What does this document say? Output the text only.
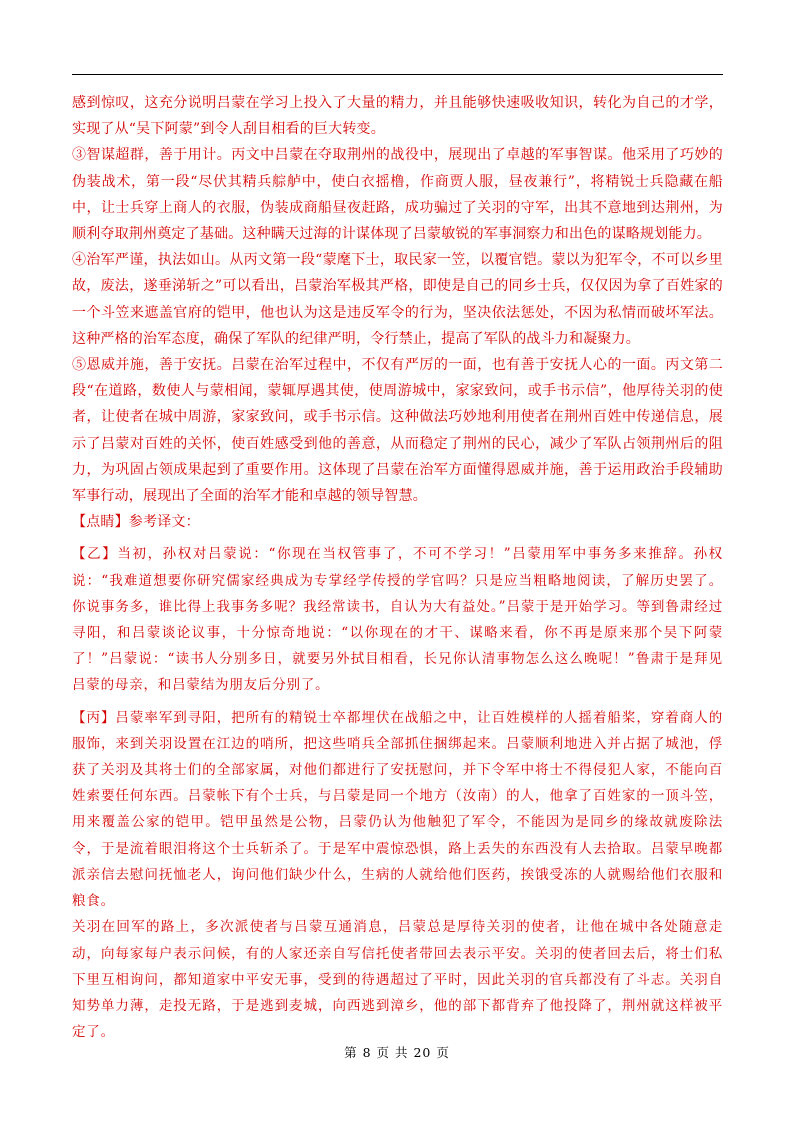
感到惊叹，这充分说明吕蒙在学习上投入了大量的精力，并且能够快速吸收知识，转化为自己的才学，实现了从“吴下阿蒙”到令人刮目相看的巨大转变。

③智谋超群，善于用计。丙文中吕蒙在夺取荆州的战役中，展现出了卓越的军事智谋。他采用了巧妙的伪装战术，第一段“尽伏其精兵䑸舻中，使白衣摇橹，作商贾人服，昼夜兼行”，将精锐士兵隐藏在船中，让士兵穿上商人的衣服，伪装成商船昼夜赶路，成功骗过了关羽的守军，出其不意地到达荆州，为顺利夺取荆州奠定了基础。这种瞒天过海的计谋体现了吕蒙敏锐的军事洞察力和出色的谋略规划能力。

④治军严谨，执法如山。从丙文第一段“蒙麾下士，取民家一笠，以覆官铠。蒙以为犯军令，不可以乡里故，废法，遂垂涕斩之”可以看出，吕蒙治军极其严格，即使是自己的同乡士兵，仅仅因为拿了百姓家的一个斗笠来遮盖官府的铠甲，他也认为这是违反军令的行为，坚决依法惩处，不因为私情而破坏军法。这种严格的治军态度，确保了军队的纪律严明，令行禁止，提高了军队的战斗力和凝聚力。

⑤恩威并施，善于安抚。吕蒙在治军过程中，不仅有严厉的一面，也有善于安抚人心的一面。丙文第二段“在道路，数使人与蒙相闻，蒙辄厚遇其使，使周游城中，家家致问，或手书示信”，他厚待关羽的使者，让使者在城中周游，家家致问，或手书示信。这种做法巧妙地利用使者在荆州百姓中传递信息，展示了吕蒙对百姓的关怀，使百姓感受到他的善意，从而稳定了荆州的民心，减少了军队占领荆州后的阻力，为巩固占领成果起到了重要作用。这体现了吕蒙在治军方面懂得恩威并施，善于运用政治手段辅助军事行动，展现出了全面的治军才能和卓越的领导智慧。

【点睛】参考译文：

【乙】当初，孙权对吕蒙说：“你现在当权管事了，不可不学习！”吕蒙用军中事务多来推辞。孙权说：“我难道想要你研究儒家经典成为专掌经学传授的学官吗？只是应当粗略地阅读，了解历史罢了。你说事务多，谁比得上我事务多呢？我经常读书，自认为大有益处。”吕蒙于是开始学习。等到鲁肃经过寻阳，和吕蒙谈论议事，十分惊奇地说：“以你现在的才干、谋略来看，你不再是原来那个吴下阿蒙了！”吕蒙说：“读书人分别多日，就要另外拭目相看，长兄你认清事物怎么这么晚呢！”鲁肃于是拜见吕蒙的母亲，和吕蒙结为朋友后分别了。

【丙】吕蒙率军到寻阳，把所有的精锐士卒都埋伏在战船之中，让百姓模样的人摇着船桨，穿着商人的服饰，来到关羽设置在江边的哨所，把这些哨兵全部抓住捆绑起来。吕蒙顺利地进入并占据了城池，俘获了关羽及其将士们的全部家属，对他们都进行了安抚慰问，并下令军中将士不得侵犯人家，不能向百姓索要任何东西。吕蒙帐下有个士兵，与吕蒙是同一个地方（汝南）的人，他拿了百姓家的一顶斗笠，用来覆盖公家的铠甲。铠甲虽然是公物，吕蒙仍认为他触犯了军令，不能因为是同乡的缘故就废除法令，于是流着眼泪将这个士兵斩杀了。于是军中震惊恐惧，路上丢失的东西没有人去拾取。吕蒙早晚都派亲信去慰问抚恤老人，询问他们缺少什么，生病的人就给他们医药，挨饿受冻的人就赐给他们衣服和粮食。

关羽在回军的路上，多次派使者与吕蒙互通消息，吕蒙总是厚待关羽的使者，让他在城中各处随意走动，向每家每户表示问候，有的人家还亲自写信托使者带回去表示平安。关羽的使者回去后，将士们私下里互相询问，都知道家中平安无事，受到的待遇超过了平时，因此关羽的官兵都没有了斗志。关羽自知势单力薄，走投无路，于是逃到麦城，向西逃到漳乡，他的部下都背弃了他投降了，荆州就这样被平定了。

第 8 页 共 20 页
